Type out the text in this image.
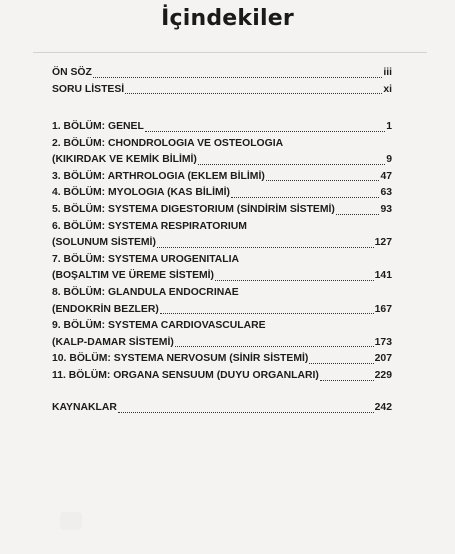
İçindekiler
ÖN SÖZ	iii
SORU LİSTESİ	xi
1. BÖLÜM: GENEL	1
2. BÖLÜM: CHONDROLOGIA VE OSTEOLOGIA
(KIKIRDAK VE KEMİK BİLİMİ)	9
3. BÖLÜM: ARTHROLOGIA (EKLEM BİLİMİ)	47
4. BÖLÜM: MYOLOGIA (KAS BİLİMİ)	63
5. BÖLÜM: SYSTEMA DIGESTORIUM (SİNDİRİM SİSTEMİ)	93
6. BÖLÜM: SYSTEMA RESPIRATORIUM
(SOLUNUM SİSTEMİ)	127
7. BÖLÜM: SYSTEMA UROGENITALIA
(BOŞALTIM VE ÜREME SİSTEMİ)	141
8. BÖLÜM: GLANDULA ENDOCRINAE
(ENDOKRİN BEZLER)	167
9. BÖLÜM: SYSTEMA CARDIOVASCULARE
(KALP-DAMAR SİSTEMİ)	173
10. BÖLÜM: SYSTEMA NERVOSUM (SİNİR SİSTEMİ)	207
11. BÖLÜM: ORGANA SENSUUM (DUYU ORGANLARI)	229
KAYNAKLAR	242
